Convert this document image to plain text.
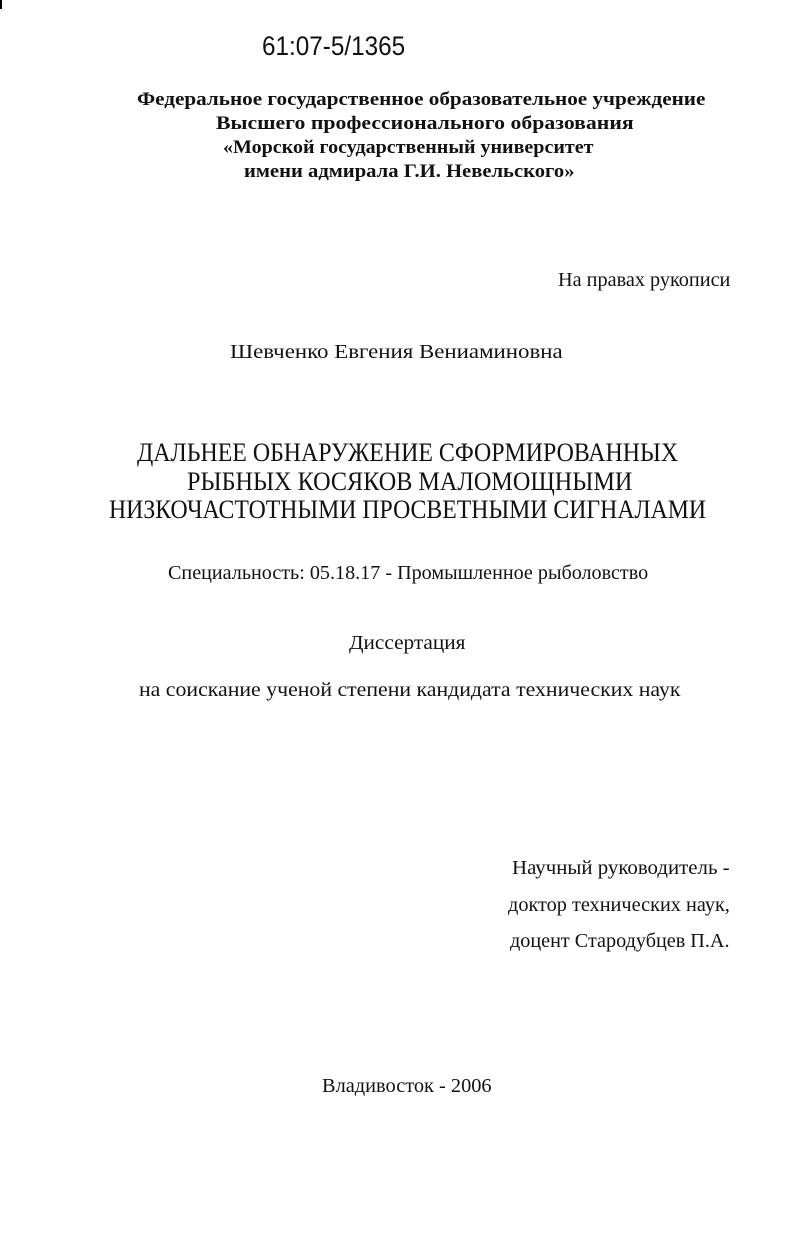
61:07-5/1365
Федеральное государственное образовательное учреждение
Высшего профессионального образования
«Морской государственный университет
имени адмирала Г.И. Невельского»
На правах рукописи
Шевченко Евгения Вениаминовна
ДАЛЬНЕЕ ОБНАРУЖЕНИЕ СФОРМИРОВАННЫХ
РЫБНЫХ КОСЯКОВ МАЛОМОЩНЫМИ
НИЗКОЧАСТОТНЫМИ ПРОСВЕТНЫМИ СИГНАЛАМИ
Специальность: 05.18.17 - Промышленное рыболовство
Диссертация
на соискание ученой степени кандидата технических наук
Научный руководитель -
доктор технических наук,
доцент Стародубцев П.А.
Владивосток - 2006
